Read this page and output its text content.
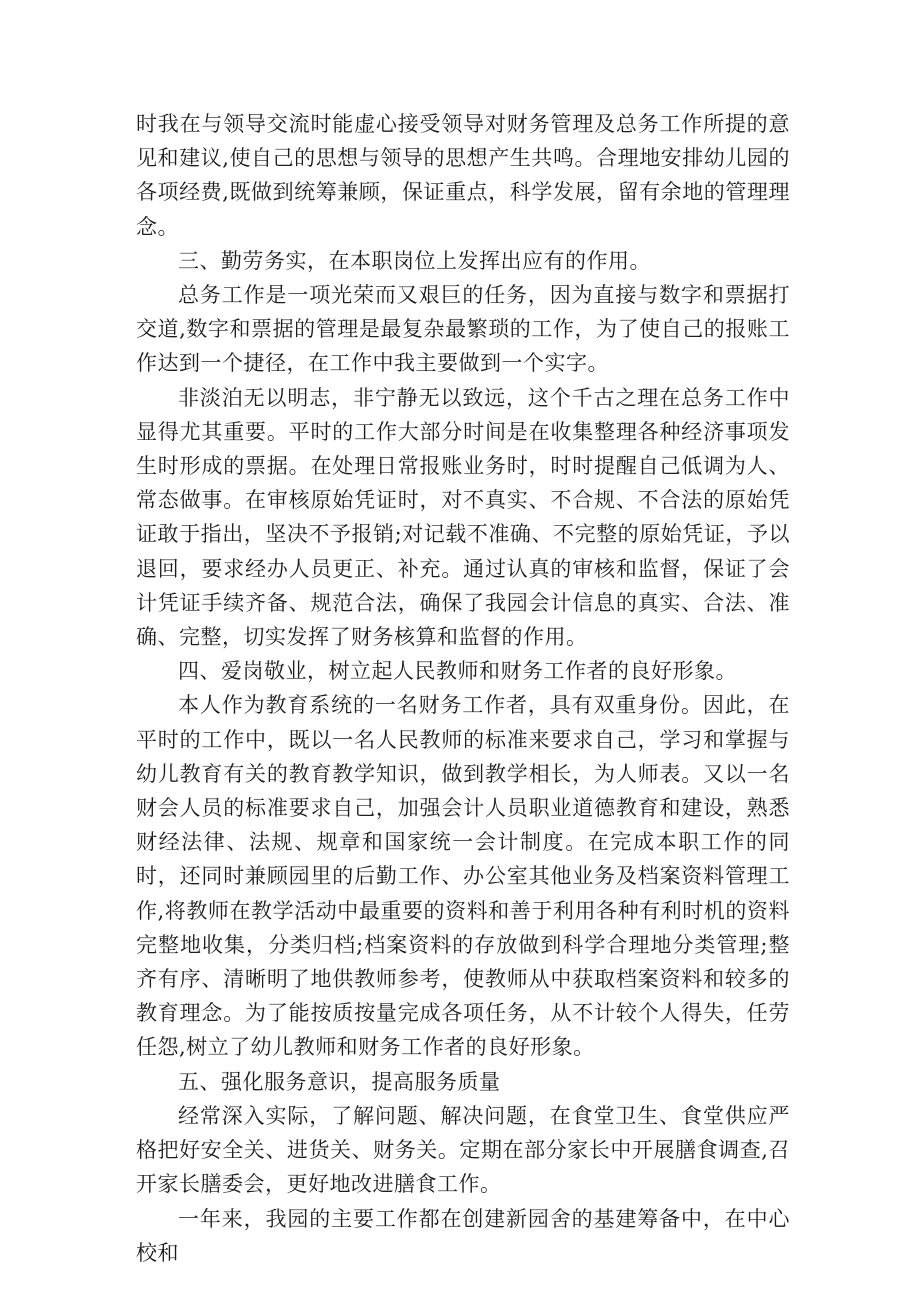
时我在与领导交流时能虚心接受领导对财务管理及总务工作所提的意见和建议,使自己的思想与领导的思想产生共鸣。合理地安排幼儿园的各项经费,既做到统筹兼顾，保证重点，科学发展，留有余地的管理理念。

三、勤劳务实，在本职岗位上发挥出应有的作用。

总务工作是一项光荣而又艰巨的任务，因为直接与数字和票据打交道,数字和票据的管理是最复杂最繁琐的工作，为了使自己的报账工作达到一个捷径，在工作中我主要做到一个实字。

非淡泊无以明志，非宁静无以致远，这个千古之理在总务工作中显得尤其重要。平时的工作大部分时间是在收集整理各种经济事项发生时形成的票据。在处理日常报账业务时，时时提醒自己低调为人、常态做事。在审核原始凭证时，对不真实、不合规、不合法的原始凭证敢于指出，坚决不予报销;对记载不准确、不完整的原始凭证，予以退回，要求经办人员更正、补充。通过认真的审核和监督，保证了会计凭证手续齐备、规范合法，确保了我园会计信息的真实、合法、准确、完整，切实发挥了财务核算和监督的作用。

四、爱岗敬业，树立起人民教师和财务工作者的良好形象。

本人作为教育系统的一名财务工作者，具有双重身份。因此，在平时的工作中，既以一名人民教师的标准来要求自己，学习和掌握与幼儿教育有关的教育教学知识，做到教学相长，为人师表。又以一名财会人员的标准要求自己，加强会计人员职业道德教育和建设，熟悉财经法律、法规、规章和国家统一会计制度。在完成本职工作的同时，还同时兼顾园里的后勤工作、办公室其他业务及档案资料管理工作,将教师在教学活动中最重要的资料和善于利用各种有利时机的资料完整地收集，分类归档;档案资料的存放做到科学合理地分类管理;整齐有序、清晰明了地供教师参考，使教师从中获取档案资料和较多的教育理念。为了能按质按量完成各项任务，从不计较个人得失，任劳任怨,树立了幼儿教师和财务工作者的良好形象。

五、强化服务意识，提高服务质量

经常深入实际，了解问题、解决问题，在食堂卫生、食堂供应严格把好安全关、进货关、财务关。定期在部分家长中开展膳食调查,召开家长膳委会，更好地改进膳食工作。

一年来，我园的主要工作都在创建新园舍的基建筹备中，在中心校和
